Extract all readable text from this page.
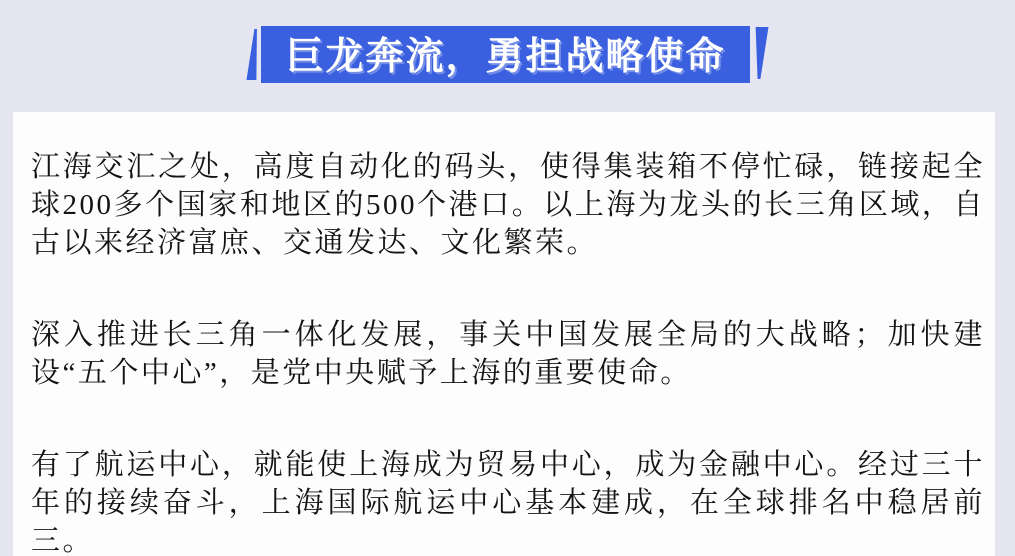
巨龙奔流，勇担战略使命

江海交汇之处，高度自动化的码头，使得集装箱不停忙碌，链接起全球200多个国家和地区的500个港口。以上海为龙头的长三角区域，自古以来经济富庶、交通发达、文化繁荣。

深入推进长三角一体化发展，事关中国发展全局的大战略；加快建设“五个中心”，是党中央赋予上海的重要使命。

有了航运中心，就能使上海成为贸易中心，成为金融中心。经过三十年的接续奋斗，上海国际航运中心基本建成，在全球排名中稳居前三。
